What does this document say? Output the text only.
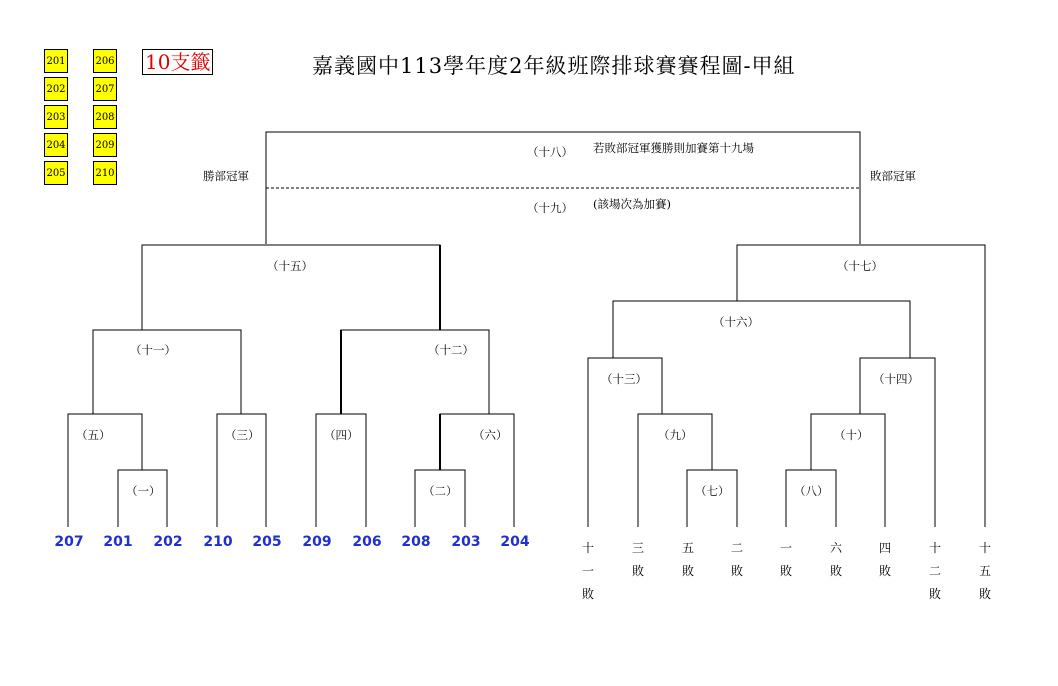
201
202
203
204
205
206
207
208
209
210
10支籤	嘉義國中113學年度2年級班際排球賽賽程圖-甲組
（十八） 若敗部冠軍獲勝則加賽第十九場
（十九） (該場次為加賽)
勝部冠軍	敗部冠軍
（十五）
（十一）	（十二）
（五）	（三）	（四）	（六）
（一）	（二）
207	201	202	210	205	209	206	208	203	204
（十七）
（十六）
（十三）	（十四）
（九）	（十）
（七）	（八）
十
一
敗
三
敗
五
敗
二
敗
一
敗
六
敗
四
敗
十
二
敗
十
五
敗
